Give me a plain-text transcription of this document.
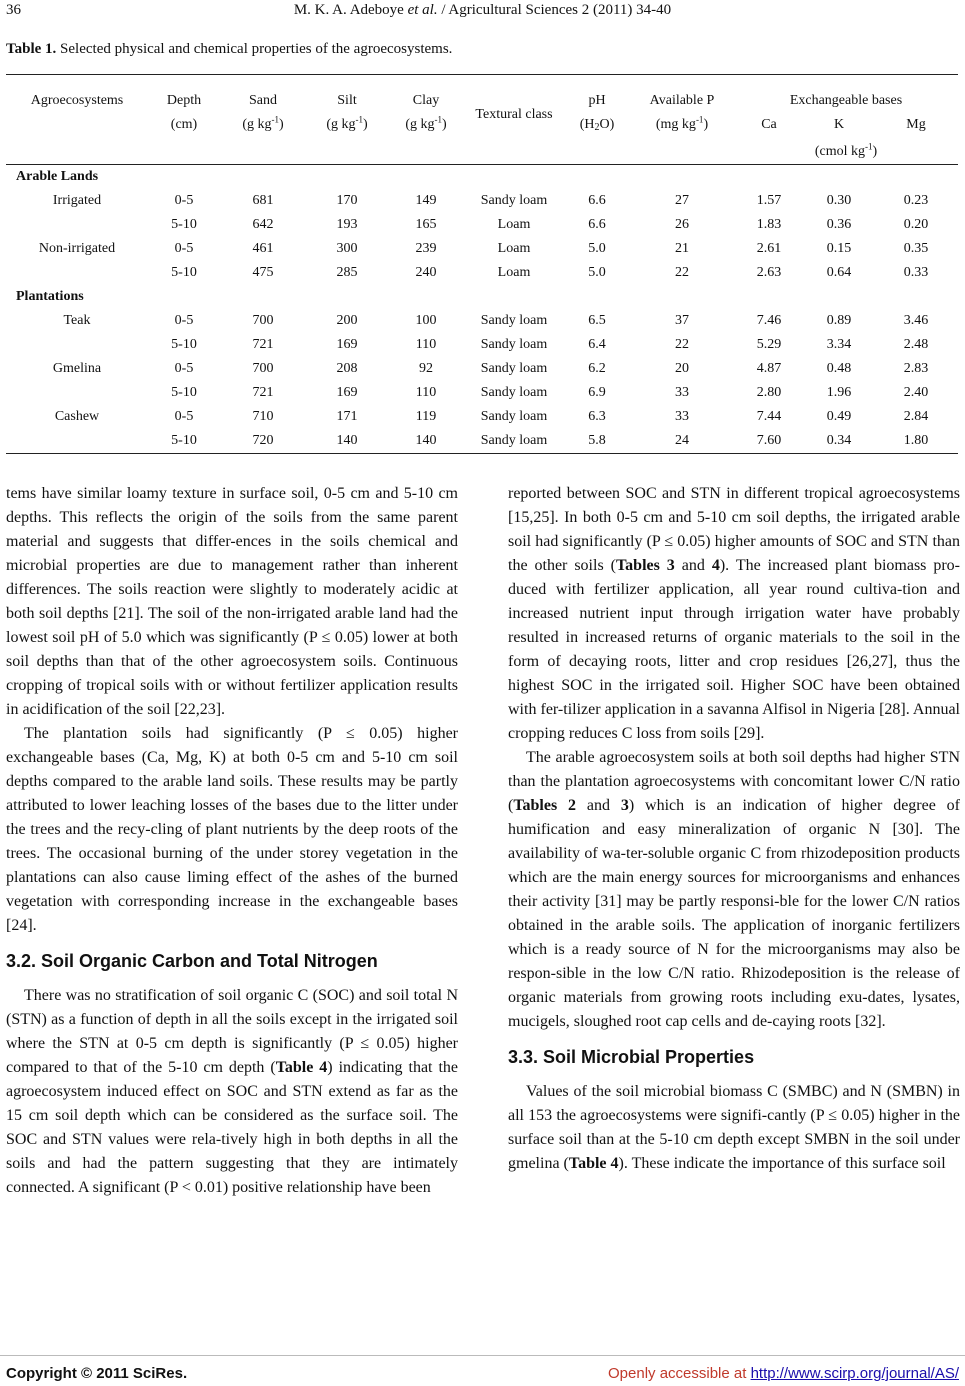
36	M. K. A. Adeboye et al. / Agricultural Sciences 2 (2011) 34-40
Table 1. Selected physical and chemical properties of the agroecosystems.

Agroecosystems	Depth	Sand	Silt	Clay	Textural class	pH	Available P	Exchangeable bases		
	(cm)	(g $kg^{-1}$)	(g $kg^{-1}$)	(g $kg^{-1}$)		$(H_2O)$	(mg $kg^{-1}$)	Ca	K	Mg
								(cmol $kg^{-1}$)		
Arable Lands										
Irrigated	0-5	681	170	149	Sandy loam	6.6	27	1.57	0.30	0.23
	5-10	642	193	165	Loam	6.6	26	1.83	0.36	0.20
Non-irrigated	0-5	461	300	239	Loam	5.0	21	2.61	0.15	0.35
	5-10	475	285	240	Loam	5.0	22	2.63	0.64	0.33
Plantations										
Teak	0-5	700	200	100	Sandy loam	6.5	37	7.46	0.89	3.46
	5-10	721	169	110	Sandy loam	6.4	22	5.29	3.34	2.48
Gmelina	0-5	700	208	92	Sandy loam	6.2	20	4.87	0.48	2.83
	5-10	721	169	110	Sandy loam	6.9	33	2.80	1.96	2.40
Cashew	0-5	710	171	119	Sandy loam	6.3	33	7.44	0.49	2.84
	5-10	720	140	140	Sandy loam	5.8	24	7.60	0.34	1.80

tems have similar loamy texture in surface soil, 0-5 cm and 5-10 cm depths. This reflects the origin of the soils from the same parent material and suggests that differ-ences in the soils chemical and microbial properties are due to management rather than inherent differences. The soils reaction were slightly to moderately acidic at both soil depths [21]. The soil of the non-irrigated arable land had the lowest soil pH of 5.0 which was significantly (P ≤ 0.05) lower at both soil depths than that of the other agroecosystem soils. Continuous cropping of tropical soils with or without fertilizer application results in acidification of the soil [22,23].

The plantation soils had significantly (P ≤ 0.05) higher exchangeable bases (Ca, Mg, K) at both 0-5 cm and 5-10 cm soil depths compared to the arable land soils. These results may be partly attributed to lower leaching losses of the bases due to the litter under the trees and the recy-cling of plant nutrients by the deep roots of the trees. The occasional burning of the under storey vegetation in the plantations can also cause liming effect of the ashes of the burned vegetation with corresponding increase in the exchangeable bases [24].

3.2. Soil Organic Carbon and Total Nitrogen

There was no stratification of soil organic C (SOC) and soil total N (STN) as a function of depth in all the soils except in the irrigated soil where the STN at 0-5 cm depth is significantly (P ≤ 0.05) higher compared to that of the 5-10 cm depth (Table 4) indicating that the agroecosystem induced effect on SOC and STN extend as far as the 15 cm soil depth which can be considered as the surface soil. The SOC and STN values were rela-tively high in both depths in all the soils and had the pattern suggesting that they are intimately connected. A significant (P < 0.01) positive relationship have been

reported between SOC and STN in different tropical agroecosystems [15,25]. In both 0-5 cm and 5-10 cm soil depths, the irrigated arable soil had significantly (P ≤ 0.05) higher amounts of SOC and STN than the other soils (Tables 3 and 4). The increased plant biomass pro-duced with fertilizer application, all year round cultiva-tion and increased nutrient input through irrigation water have probably resulted in increased returns of organic materials to the soil in the form of decaying roots, litter and crop residues [26,27], thus the highest SOC in the irrigated soil. Higher SOC have been obtained with fer-tilizer application in a savanna Alfisol in Nigeria [28]. Annual cropping reduces C loss from soils [29].

The arable agroecosystem soils at both soil depths had higher STN than the plantation agroecosystems with concomitant lower C/N ratio (Tables 2 and 3) which is an indication of higher degree of humification and easy mineralization of organic N [30]. The availability of wa-ter-soluble organic C from rhizodeposition products which are the main energy sources for microorganisms and enhances their activity [31] may be partly responsi-ble for the lower C/N ratios obtained in the arable soils. The application of inorganic fertilizers which is a ready source of N for the microorganisms may also be respon-sible in the low C/N ratio. Rhizodeposition is the release of organic materials from growing roots including exu-dates, lysates, mucigels, sloughed root cap cells and de-caying roots [32].

3.3. Soil Microbial Properties

Values of the soil microbial biomass C (SMBC) and N (SMBN) in all 153 the agroecosystems were signifi-cantly (P ≤ 0.05) higher in the surface soil than at the 5-10 cm depth except SMBN in the soil under gmelina (Table 4). These indicate the importance of this surface soil

Copyright © 2011 SciRes.	Openly accessible at http://www.scirp.org/journal/AS/
